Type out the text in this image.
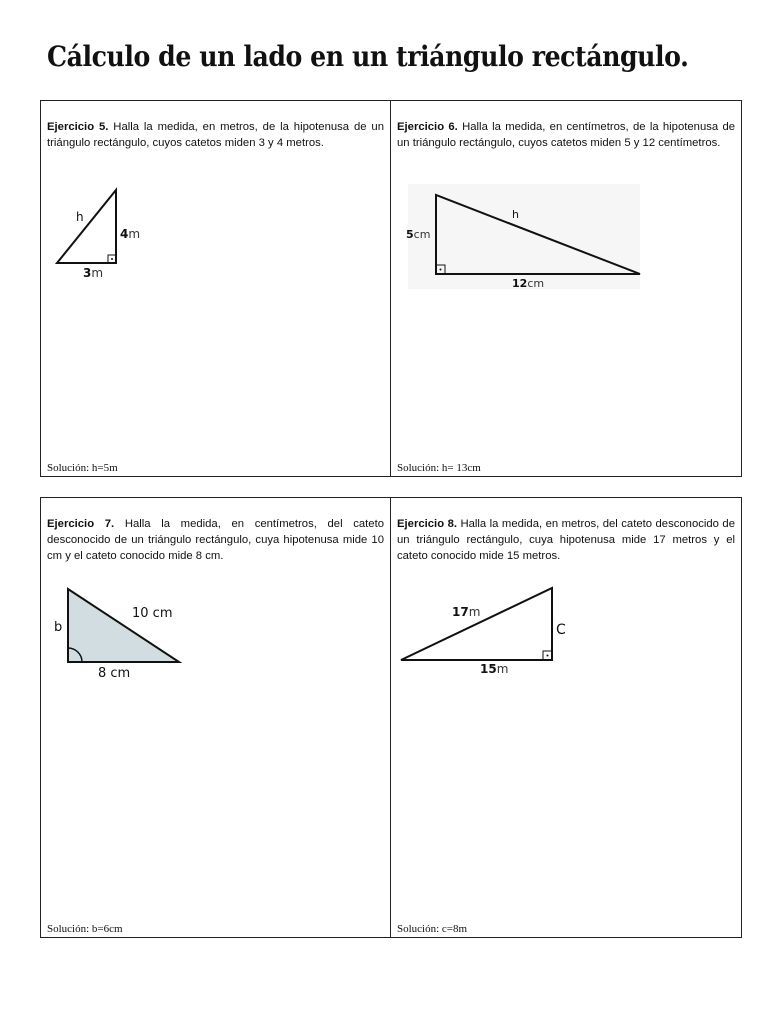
Cálculo de un lado en un triángulo rectángulo.
Ejercicio 5. Halla la medida, en metros, de la hipotenusa de un triángulo rectángulo, cuyos catetos miden 3 y 4 metros.
h
4m
3m
Solución: h=5m
Ejercicio 6. Halla la medida, en centímetros, de la hipotenusa de un triángulo rectángulo, cuyos catetos miden 5 y 12 centímetros.
h
5cm
12cm
Solución: h= 13cm
Ejercicio 7. Halla la medida, en centímetros, del cateto desconocido de un triángulo rectángulo, cuya hipotenusa mide 10 cm y el cateto conocido mide 8 cm.
b
10 cm
8 cm
Solución: b=6cm
Ejercicio 8. Halla la medida, en metros, del cateto desconocido de un triángulo rectángulo, cuya hipotenusa mide 17 metros y el cateto conocido mide 15 metros.
17m
C
15m
Solución: c=8m
